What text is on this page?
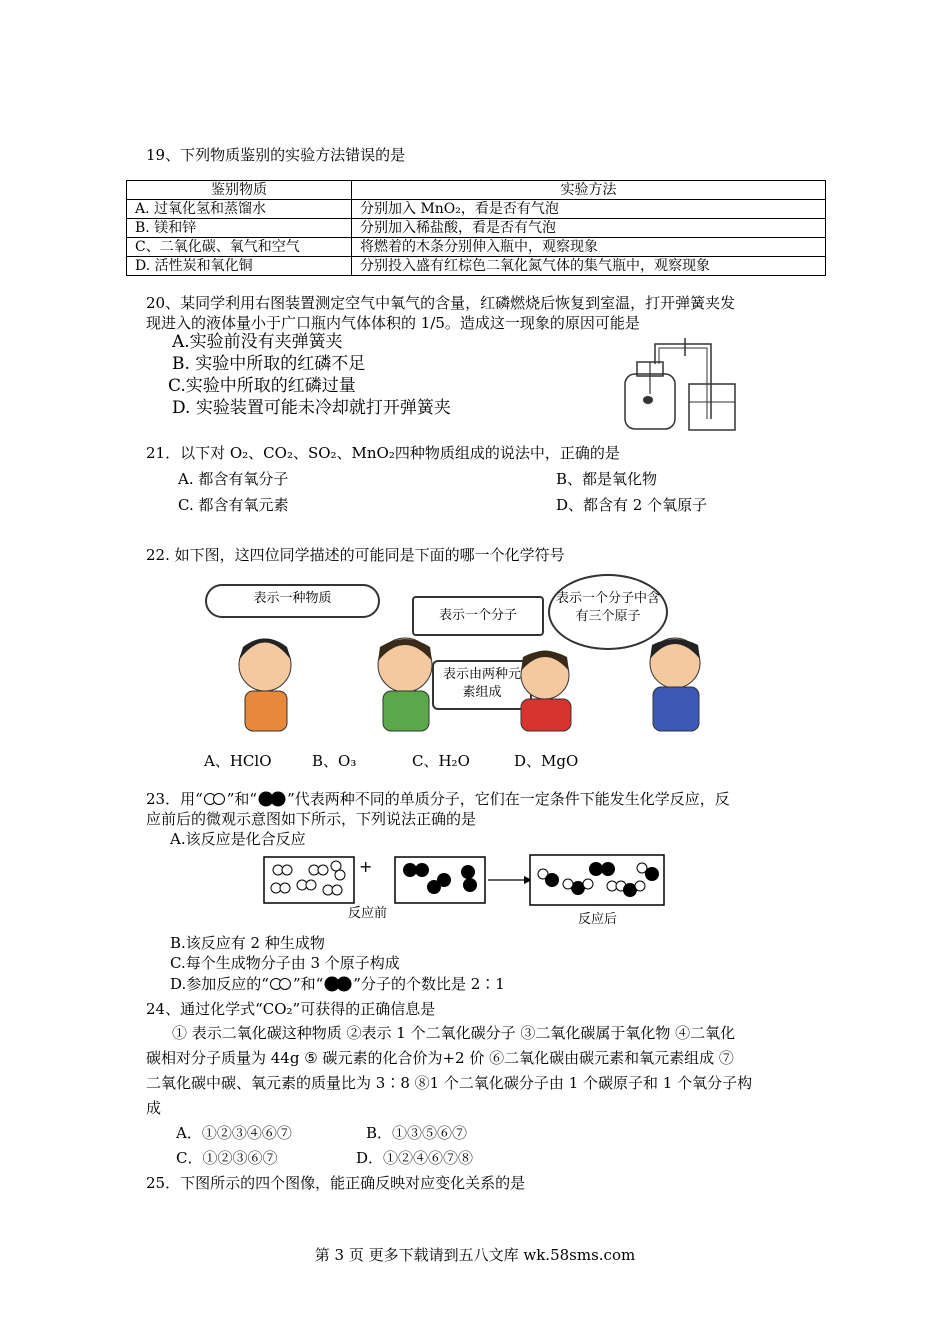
19、下列物质鉴别的实验方法错误的是
鉴别物质	实验方法
A. 过氧化氢和蒸馏水	分别加入 MnO₂，看是否有气泡
B. 镁和锌	分别加入稀盐酸，看是否有气泡
C、二氧化碳、氧气和空气	将燃着的木条分别伸入瓶中，观察现象
D. 活性炭和氧化铜	分别投入盛有红棕色二氧化氮气体的集气瓶中，观察现象
20、某同学利用右图装置测定空气中氧气的含量，红磷燃烧后恢复到室温，打开弹簧夹发
现进入的液体量小于广口瓶内气体体积的 1/5。造成这一现象的原因可能是
A.实验前没有夹弹簧夹
B. 实验中所取的红磷不足
C.实验中所取的红磷过量
D. 实验装置可能未冷却就打开弹簧夹
21．以下对 O₂、CO₂、SO₂、MnO₂四种物质组成的说法中，正确的是
A. 都含有氧分子	B、都是氧化物
C. 都含有氧元素	D、都含有 2 个氧原子
22. 如下图，这四位同学描述的可能同是下面的哪一个化学符号
表示一种物质
表示一个分子
表示由两种元素组成
表示一个分子中含有三个原子
A、HClO	B、O₃	C、H₂O	D、MgO
23．用“ ”和“ ”代表两种不同的单质分子，它们在一定条件下能发生化学反应，反
应前后的微观示意图如下所示，下列说法正确的是
A.该反应是化合反应
+
反应前	反应后
B.该反应有 2 种生成物
C.每个生成物分子由 3 个原子构成
D.参加反应的“ ”和“ ”分子的个数比是 2∶1
24、通过化学式“CO₂”可获得的正确信息是
① 表示二氧化碳这种物质 ②表示 1 个二氧化碳分子 ③二氧化碳属于氧化物 ④二氧化
碳相对分子质量为 44g ⑤ 碳元素的化合价为+2 价 ⑥二氧化碳由碳元素和氧元素组成 ⑦
二氧化碳中碳、氧元素的质量比为 3∶8 ⑧1 个二氧化碳分子由 1 个碳原子和 1 个氧分子构
成
A．①②③④⑥⑦	B．①③⑤⑥⑦
C．①②③⑥⑦	D．①②④⑥⑦⑧
25．下图所示的四个图像，能正确反映对应变化关系的是
第 3 页 更多下载请到五八文库 wk.58sms.com
